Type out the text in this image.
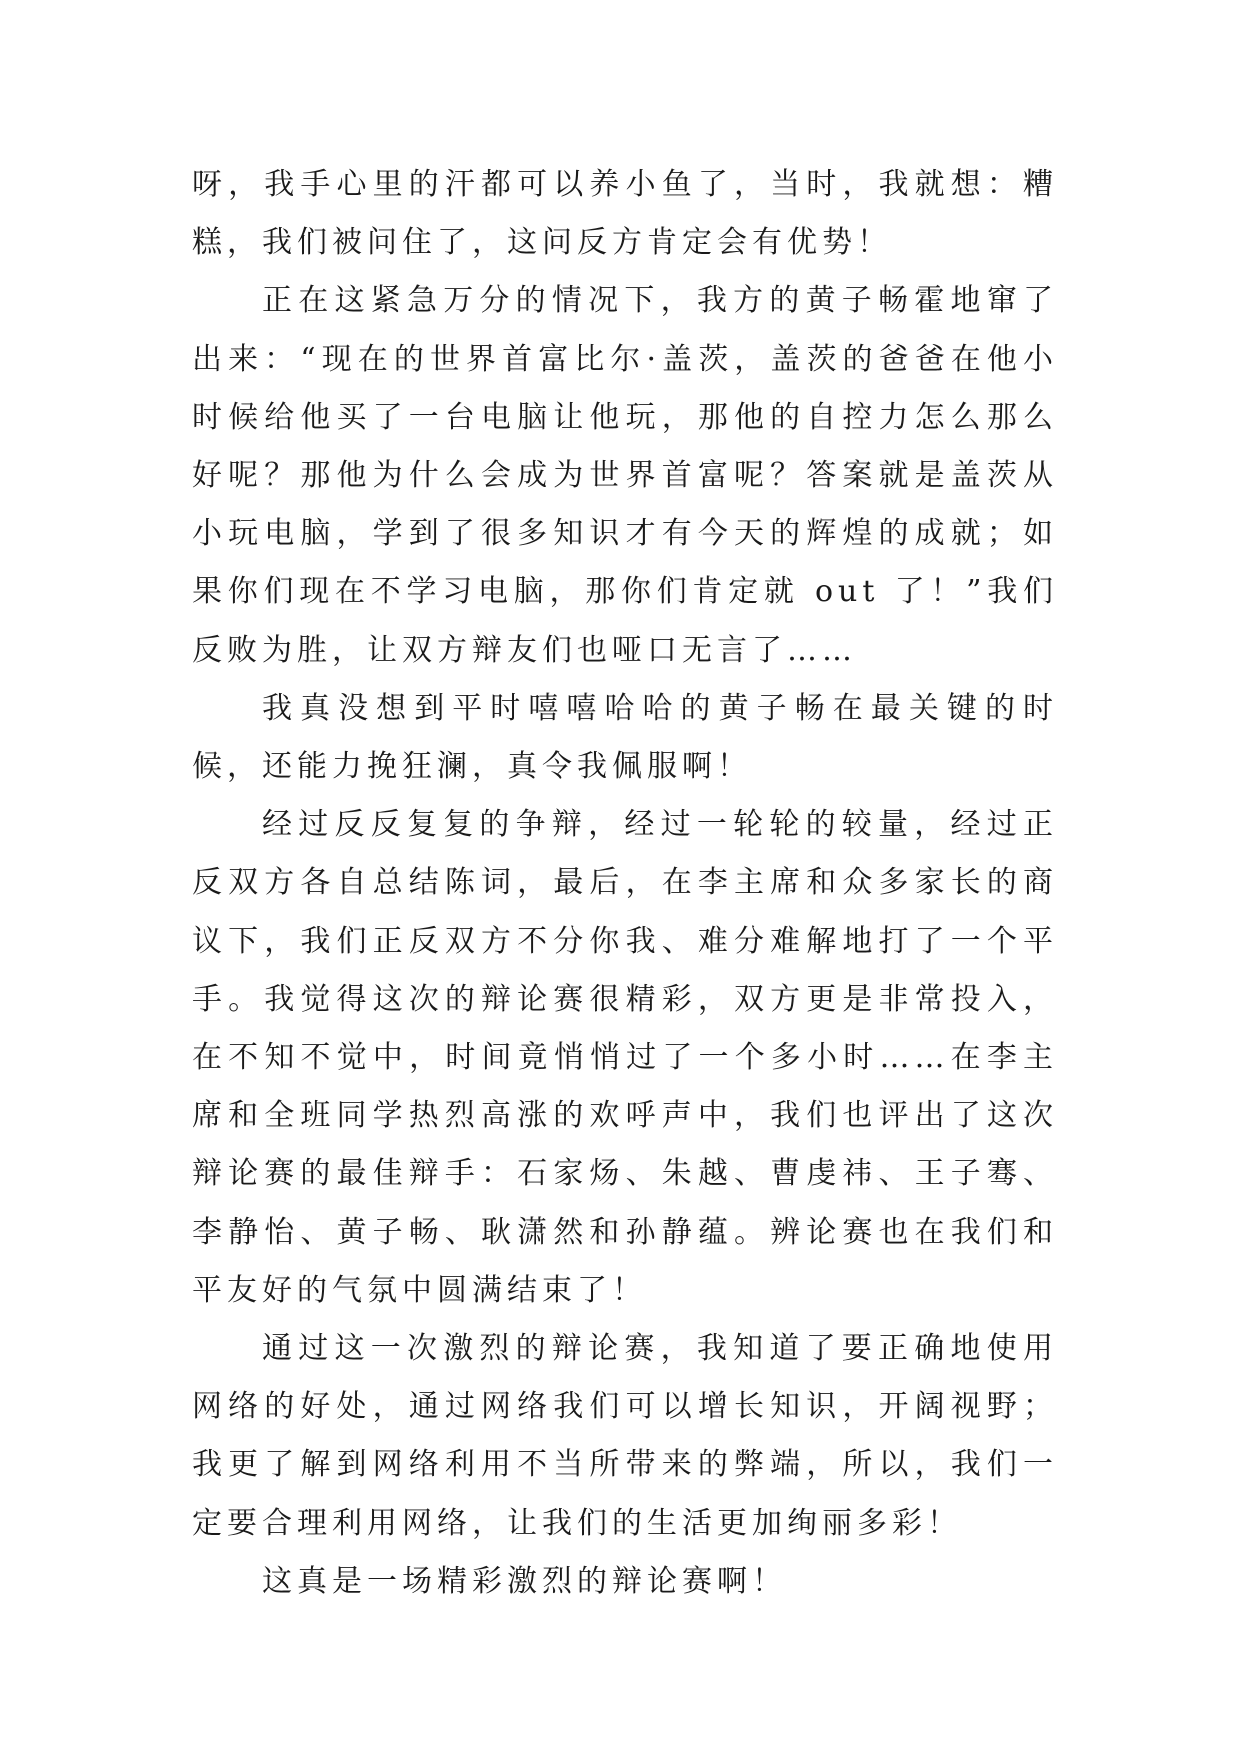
呀，我手心里的汗都可以养小鱼了，当时，我就想：糟糕，我们被问住了，这问反方肯定会有优势！

正在这紧急万分的情况下，我方的黄子畅霍地窜了出来：“现在的世界首富比尔·盖茨，盖茨的爸爸在他小时候给他买了一台电脑让他玩，那他的自控力怎么那么好呢？那他为什么会成为世界首富呢？答案就是盖茨从小玩电脑，学到了很多知识才有今天的辉煌的成就；如果你们现在不学习电脑，那你们肯定就 out 了！”我们反败为胜，让双方辩友们也哑口无言了……

我真没想到平时嘻嘻哈哈的黄子畅在最关键的时候，还能力挽狂澜，真令我佩服啊！

经过反反复复的争辩，经过一轮轮的较量，经过正反双方各自总结陈词，最后，在李主席和众多家长的商议下，我们正反双方不分你我、难分难解地打了一个平手。我觉得这次的辩论赛很精彩，双方更是非常投入，在不知不觉中，时间竟悄悄过了一个多小时……在李主席和全班同学热烈高涨的欢呼声中，我们也评出了这次辩论赛的最佳辩手：石家炀、朱越、曹虔祎、王子骞、李静怡、黄子畅、耿潇然和孙静蕴。辨论赛也在我们和平友好的气氛中圆满结束了！

通过这一次激烈的辩论赛，我知道了要正确地使用网络的好处，通过网络我们可以增长知识，开阔视野；我更了解到网络利用不当所带来的弊端，所以，我们一定要合理利用网络，让我们的生活更加绚丽多彩！

这真是一场精彩激烈的辩论赛啊！
